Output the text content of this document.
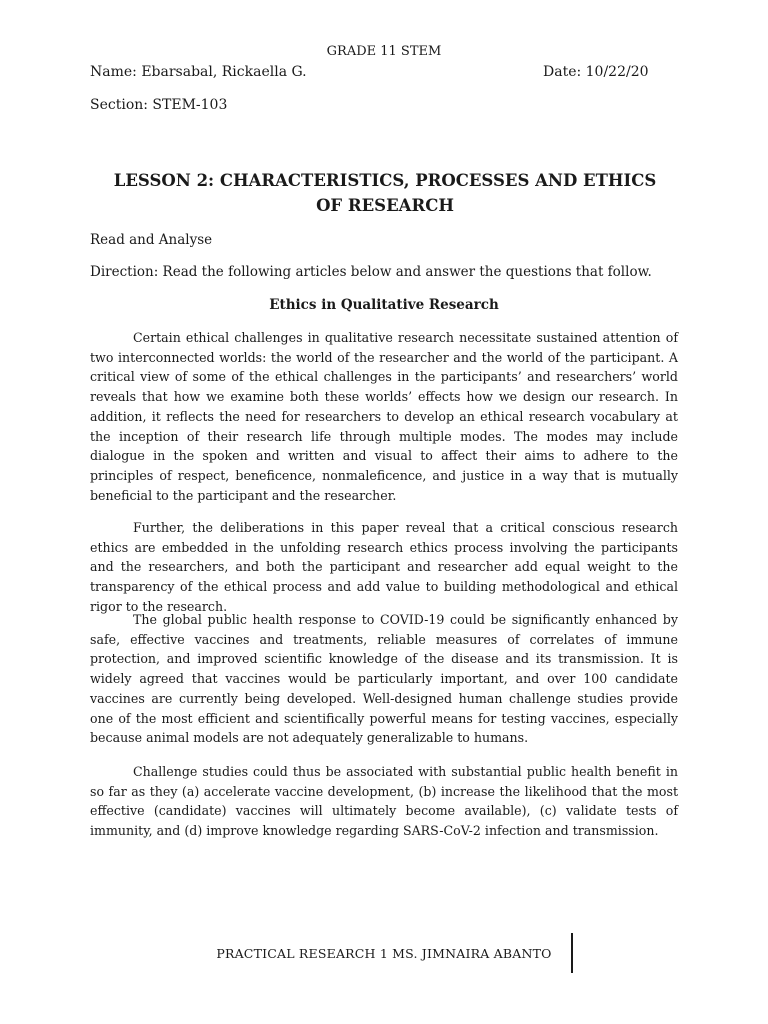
GRADE 11 STEM
Name: Ebarsabal, Rickaella G.	Date: 10/22/20
Section: STEM-103
LESSON 2: CHARACTERISTICS, PROCESSES AND ETHICS OF RESEARCH
Read and Analyse
Direction: Read the following articles below and answer the questions that follow.
Ethics in Qualitative Research

Certain ethical challenges in qualitative research necessitate sustained attention of two interconnected worlds: the world of the researcher and the world of the participant. A critical view of some of the ethical challenges in the participants’ and researchers’ world reveals that how we examine both these worlds’ effects how we design our research. In addition, it reflects the need for researchers to develop an ethical research vocabulary at the inception of their research life through multiple modes. The modes may include dialogue in the spoken and written and visual to affect their aims to adhere to the principles of respect, beneficence, nonmaleficence, and justice in a way that is mutually beneficial to the participant and the researcher.

Further, the deliberations in this paper reveal that a critical conscious research ethics are embedded in the unfolding research ethics process involving the participants and the researchers, and both the participant and researcher add equal weight to the transparency of the ethical process and add value to building methodological and ethical rigor to the research.

The global public health response to COVID-19 could be significantly enhanced by safe, effective vaccines and treatments, reliable measures of correlates of immune protection, and improved scientific knowledge of the disease and its transmission. It is widely agreed that vaccines would be particularly important, and over 100 candidate vaccines are currently being developed. Well-designed human challenge studies provide one of the most efficient and scientifically powerful means for testing vaccines, especially because animal models are not adequately generalizable to humans.

Challenge studies could thus be associated with substantial public health benefit in so far as they (a) accelerate vaccine development, (b) increase the likelihood that the most effective (candidate) vaccines will ultimately become available), (c) validate tests of immunity, and (d) improve knowledge regarding SARS-CoV-2 infection and transmission.

PRACTICAL RESEARCH 1 MS. JIMNAIRA ABANTO
